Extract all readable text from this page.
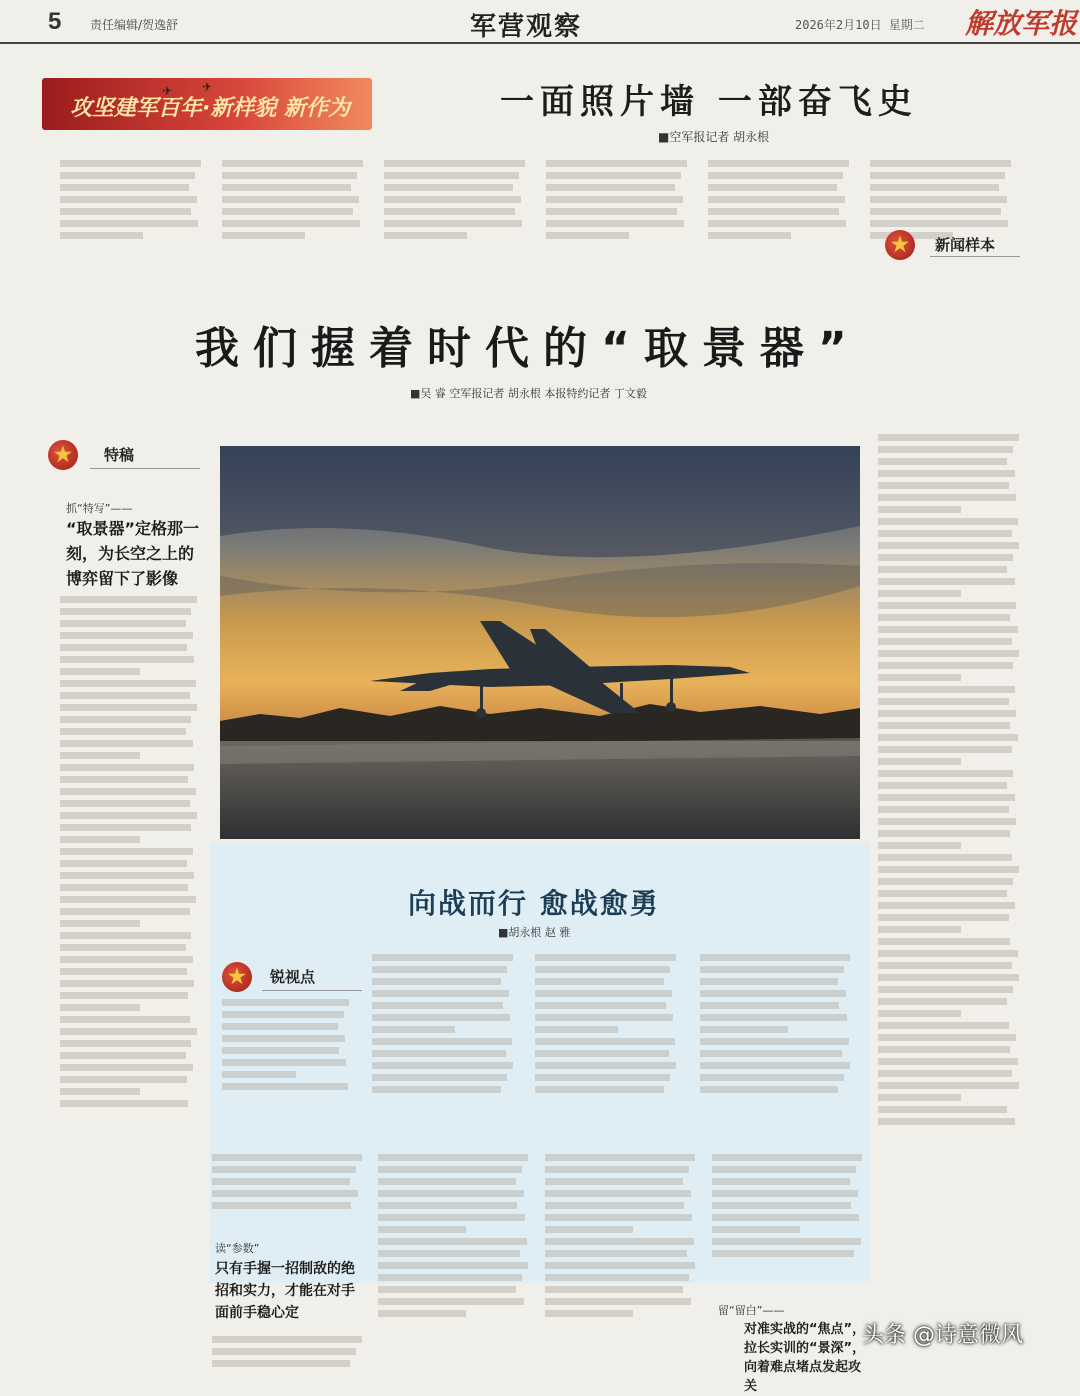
5 责任编辑/贺逸舒	军营观察	2026年2月10日 星期二 解放军报
✈ ✈
攻坚建军百年·新样貌 新作为	一面照片墙 一部奋飞史
■空军报记者 胡永根
★ 新闻样本
我们握着时代的“取景器”
■吴 睿 空军报记者 胡永根 本报特约记者 丁文毅
★ 特稿
抓“特写”——
“取景器”定格那一刻，为长空之上的博弈留下了影像
向战而行 愈战愈勇
■胡永根 赵 雅
★ 锐视点
读“参数”
只有手握一招制敌的绝招和实力，才能在对手面前手稳心定	留“留白”——
对准实战的“焦点”，拉长实训的“景深”，向着难点堵点发起攻关
头条 @诗意微风
